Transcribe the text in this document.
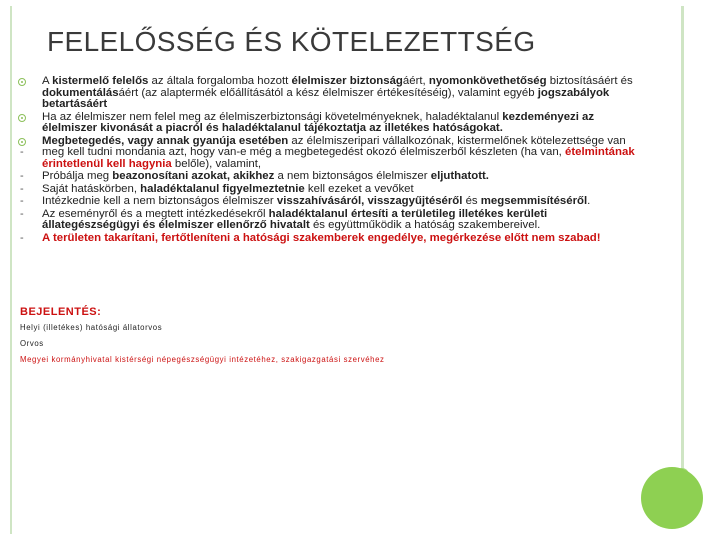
FELELŐSSÉG ÉS KÖTELEZETTSÉG
A kistermelő felelős az általa forgalomba hozott élelmiszer biztonságáért, nyomonkövethetőség biztosításáért és dokumentálásáért (az alaptermék előállításától a kész élelmiszer értékesítéséig), valamint egyéb jogszabályok betartásáért
Ha az élelmiszer nem felel meg az élelmiszerbiztonsági követelményeknek, haladéktalanul kezdeményezi az élelmiszer kivonását a piacról és haladéktalanul tájékoztatja az illetékes hatóságokat.
Megbetegedés, vagy annak gyanúja esetében az élelmiszeripari vállalkozónak, kistermelőnek kötelezettsége van
- meg kell tudni mondania azt, hogy van-e még a megbetegedést okozó élelmiszerből készleten (ha van, ételmintának érintetlenül kell hagynia belőle), valamint,
- Próbálja meg beazonosítani azokat, akikhez a nem biztonságos élelmiszer eljuthatott.
- Saját hatáskörben, haladéktalanul figyelmeztetnie kell ezeket a vevőket
- Intézkednie kell a nem biztonságos élelmiszer visszahívásáról, visszagyűjtéséről és megsemmisítéséről.
- Az eseményről és a megtett intézkedésekről haladéktalanul értesíti a területileg illetékes kerületi állategészségügyi és élelmiszer ellenőrző hivatalt és együttműködik a hatóság szakembereivel.
- A területen takarítani, fertőtleníteni a hatósági szakemberek engedélye, megérkezése előtt nem szabad!
BEJELENTÉS:
Helyi (illetékes) hatósági állatorvos
Orvos
Megyei kormányhivatal kistérségi népegészségügyi intézetéhez, szakigazgatási szervéhez
